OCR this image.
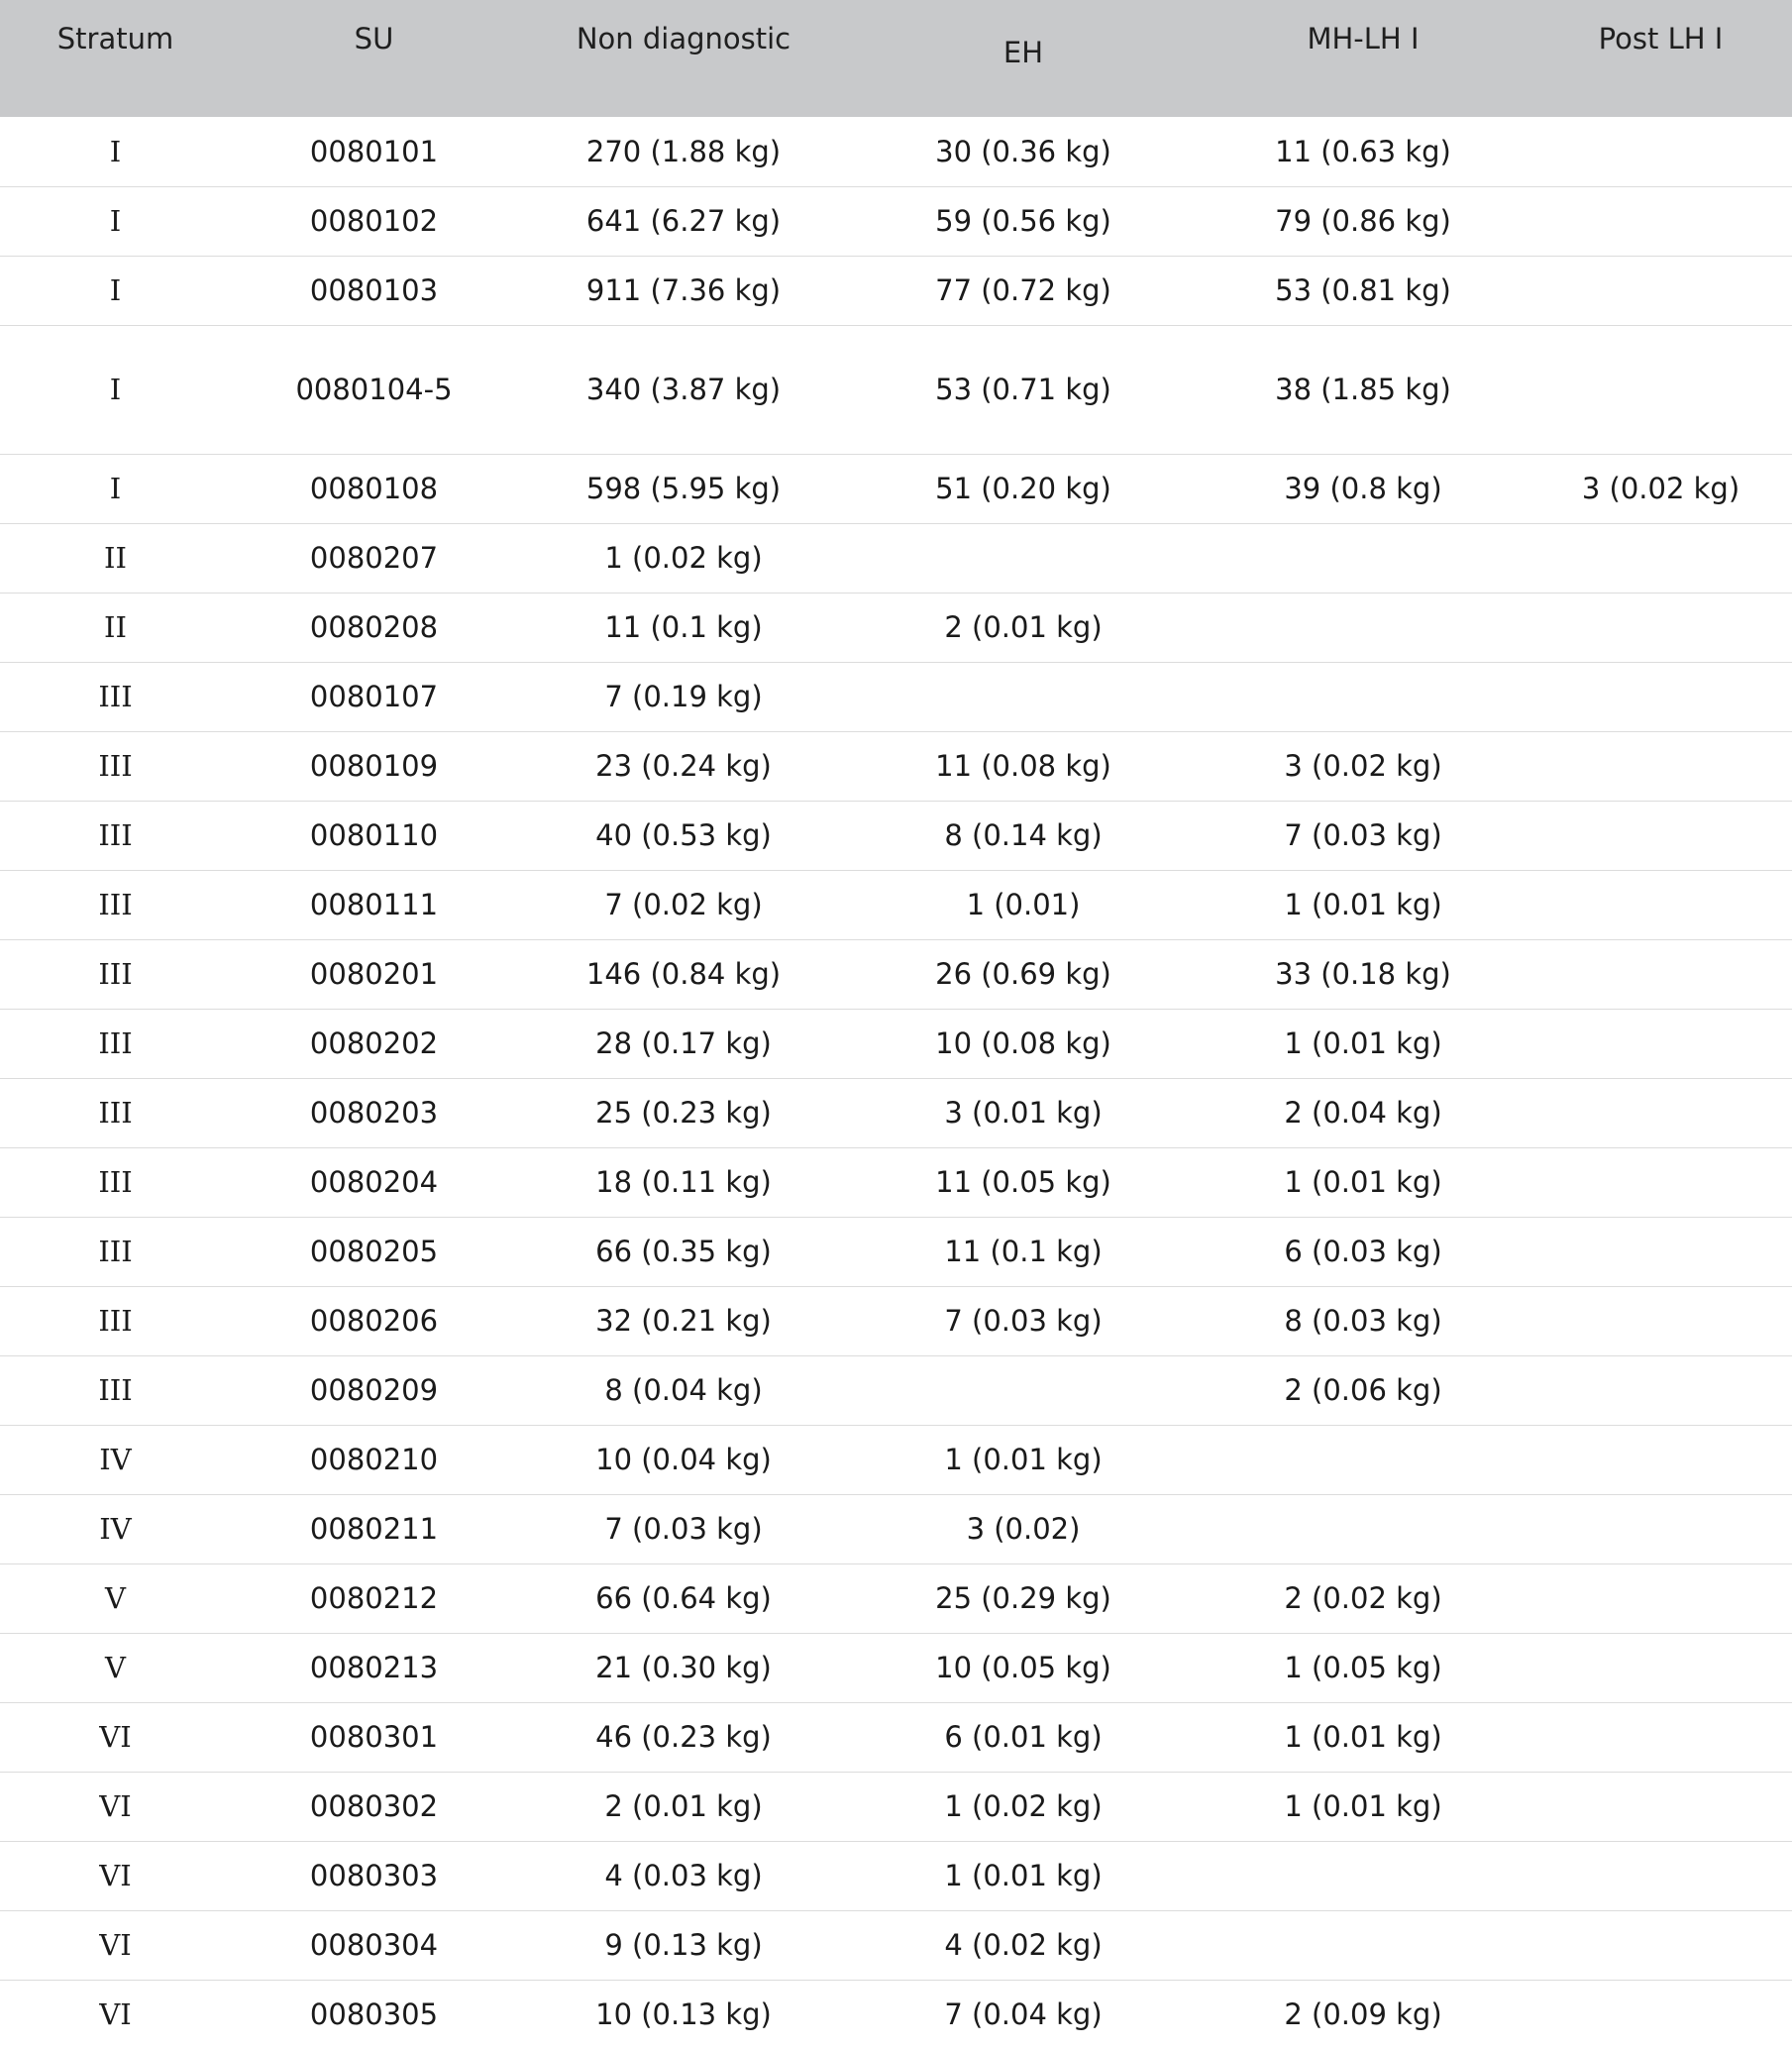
Stratum	SU	Non diagnostic	EH	MH-LH I	Post LH I
I	0080101	270 (1.88 kg)	30 (0.36 kg)	11 (0.63 kg)	
I	0080102	641 (6.27 kg)	59 (0.56 kg)	79 (0.86 kg)	
I	0080103	911 (7.36 kg)	77 (0.72 kg)	53 (0.81 kg)	
I	0080104-5	340 (3.87 kg)	53 (0.71 kg)	38 (1.85 kg)	
I	0080108	598 (5.95 kg)	51 (0.20 kg)	39 (0.8 kg)	3 (0.02 kg)
II	0080207	1 (0.02 kg)			
II	0080208	11 (0.1 kg)	2 (0.01 kg)		
III	0080107	7 (0.19 kg)			
III	0080109	23 (0.24 kg)	11 (0.08 kg)	3 (0.02 kg)	
III	0080110	40 (0.53 kg)	8 (0.14 kg)	7 (0.03 kg)	
III	0080111	7 (0.02 kg)	1 (0.01)	1 (0.01 kg)	
III	0080201	146 (0.84 kg)	26 (0.69 kg)	33 (0.18 kg)	
III	0080202	28 (0.17 kg)	10 (0.08 kg)	1 (0.01 kg)	
III	0080203	25 (0.23 kg)	3 (0.01 kg)	2 (0.04 kg)	
III	0080204	18 (0.11 kg)	11 (0.05 kg)	1 (0.01 kg)	
III	0080205	66 (0.35 kg)	11 (0.1 kg)	6 (0.03 kg)	
III	0080206	32 (0.21 kg)	7 (0.03 kg)	8 (0.03 kg)	
III	0080209	8 (0.04 kg)		2 (0.06 kg)	
IV	0080210	10 (0.04 kg)	1 (0.01 kg)		
IV	0080211	7 (0.03 kg)	3 (0.02)		
V	0080212	66 (0.64 kg)	25 (0.29 kg)	2 (0.02 kg)	
V	0080213	21 (0.30 kg)	10 (0.05 kg)	1 (0.05 kg)	
VI	0080301	46 (0.23 kg)	6 (0.01 kg)	1 (0.01 kg)	
VI	0080302	2 (0.01 kg)	1 (0.02 kg)	1 (0.01 kg)	
VI	0080303	4 (0.03 kg)	1 (0.01 kg)		
VI	0080304	9 (0.13 kg)	4 (0.02 kg)		
VI	0080305	10 (0.13 kg)	7 (0.04 kg)	2 (0.09 kg)	
